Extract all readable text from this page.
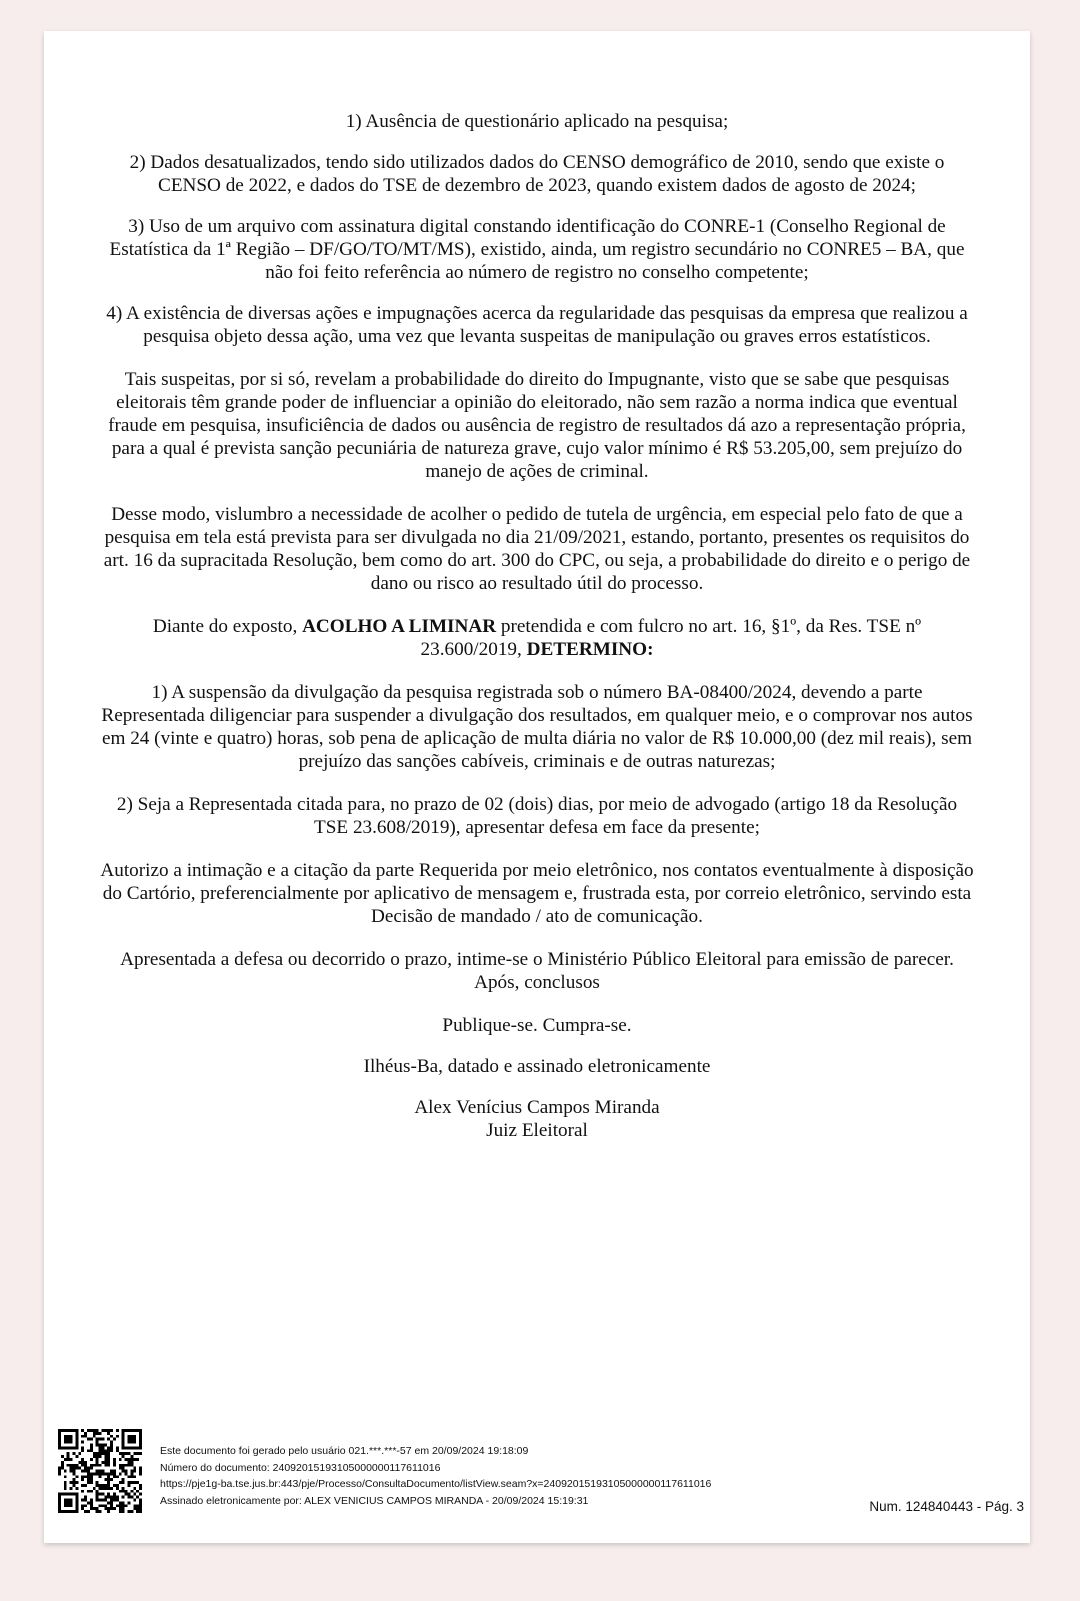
1) Ausência de questionário aplicado na pesquisa;

2) Dados desatualizados, tendo sido utilizados dados do CENSO demográfico de 2010, sendo que existe o CENSO de 2022, e dados do TSE de dezembro de 2023, quando existem dados de agosto de 2024;

3) Uso de um arquivo com assinatura digital constando identificação do CONRE-1 (Conselho Regional de Estatística da 1ª Região – DF/GO/TO/MT/MS), existido, ainda, um registro secundário no CONRE5 – BA, que não foi feito referência ao número de registro no conselho competente;

4) A existência de diversas ações e impugnações acerca da regularidade das pesquisas da empresa que realizou a pesquisa objeto dessa ação, uma vez que levanta suspeitas de manipulação ou graves erros estatísticos.

Tais suspeitas, por si só, revelam a probabilidade do direito do Impugnante, visto que se sabe que pesquisas eleitorais têm grande poder de influenciar a opinião do eleitorado, não sem razão a norma indica que eventual fraude em pesquisa, insuficiência de dados ou ausência de registro de resultados dá azo a representação própria, para a qual é prevista sanção pecuniária de natureza grave, cujo valor mínimo é R$ 53.205,00, sem prejuízo do manejo de ações de criminal.

Desse modo, vislumbro a necessidade de acolher o pedido de tutela de urgência, em especial pelo fato de que a pesquisa em tela está prevista para ser divulgada no dia 21/09/2021, estando, portanto, presentes os requisitos do art. 16 da supracitada Resolução, bem como do art. 300 do CPC, ou seja, a probabilidade do direito e o perigo de dano ou risco ao resultado útil do processo.

Diante do exposto, ACOLHO A LIMINAR pretendida e com fulcro no art. 16, §1º, da Res. TSE nº 23.600/2019, DETERMINO:

1) A suspensão da divulgação da pesquisa registrada sob o número BA-08400/2024, devendo a parte Representada diligenciar para suspender a divulgação dos resultados, em qualquer meio, e o comprovar nos autos em 24 (vinte e quatro) horas, sob pena de aplicação de multa diária no valor de R$ 10.000,00 (dez mil reais), sem prejuízo das sanções cabíveis, criminais e de outras naturezas;

2) Seja a Representada citada para, no prazo de 02 (dois) dias, por meio de advogado (artigo 18 da Resolução TSE 23.608/2019), apresentar defesa em face da presente;

Autorizo a intimação e a citação da parte Requerida por meio eletrônico, nos contatos eventualmente à disposição do Cartório, preferencialmente por aplicativo de mensagem e, frustrada esta, por correio eletrônico, servindo esta Decisão de mandado / ato de comunicação.

Apresentada a defesa ou decorrido o prazo, intime-se o Ministério Público Eleitoral para emissão de parecer. Após, conclusos

Publique-se. Cumpra-se.

Ilhéus-Ba, datado e assinado eletronicamente

Alex Venícius Campos Miranda

Juiz Eleitoral

Este documento foi gerado pelo usuário 021.***.***-57 em 20/09/2024 19:18:09
Número do documento: 24092015193105000000117611016
https://pje1g-ba.tse.jus.br:443/pje/Processo/ConsultaDocumento/listView.seam?x=24092015193105000000117611016
Assinado eletronicamente por: ALEX VENICIUS CAMPOS MIRANDA - 20/09/2024 15:19:31	Num. 124840443 - Pág. 3
